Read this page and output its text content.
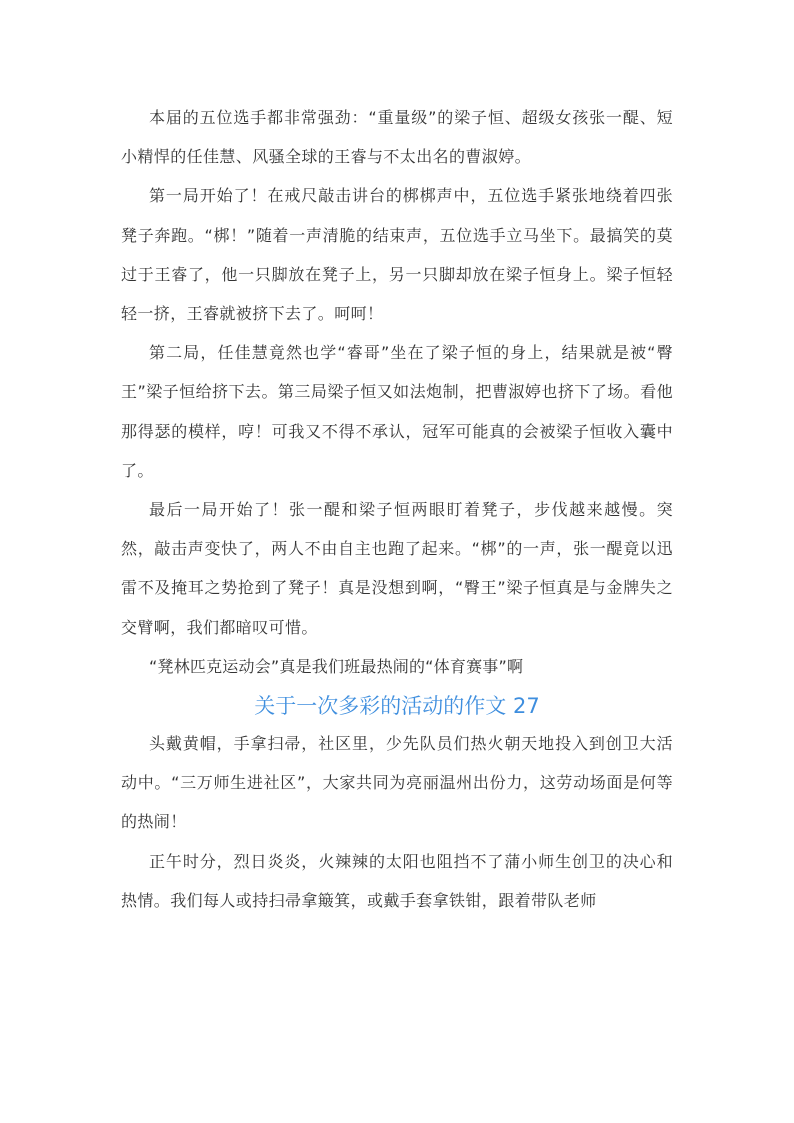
本届的五位选手都非常强劲：“重量级”的梁子恒、超级女孩张一醍、短小精悍的任佳慧、风骚全球的王睿与不太出名的曹淑婷。

第一局开始了！在戒尺敲击讲台的梆梆声中，五位选手紧张地绕着四张凳子奔跑。“梆！”随着一声清脆的结束声，五位选手立马坐下。最搞笑的莫过于王睿了，他一只脚放在凳子上，另一只脚却放在梁子恒身上。梁子恒轻轻一挤，王睿就被挤下去了。呵呵！

第二局，任佳慧竟然也学“睿哥”坐在了梁子恒的身上，结果就是被“臀王”梁子恒给挤下去。第三局梁子恒又如法炮制，把曹淑婷也挤下了场。看他那得瑟的模样，哼！可我又不得不承认，冠军可能真的会被梁子恒收入囊中了。

最后一局开始了！张一醍和梁子恒两眼盯着凳子，步伐越来越慢。突然，敲击声变快了，两人不由自主也跑了起来。“梆”的一声，张一醍竟以迅雷不及掩耳之势抢到了凳子！真是没想到啊，“臀王”梁子恒真是与金牌失之交臂啊，我们都暗叹可惜。

“凳林匹克运动会”真是我们班最热闹的“体育赛事”啊

关于一次多彩的活动的作文 27

头戴黄帽，手拿扫帚，社区里，少先队员们热火朝天地投入到创卫大活动中。“三万师生进社区”，大家共同为亮丽温州出份力，这劳动场面是何等的热闹！

正午时分，烈日炎炎，火辣辣的太阳也阻挡不了蒲小师生创卫的决心和热情。我们每人或持扫帚拿簸箕，或戴手套拿铁钳，跟着带队老师
